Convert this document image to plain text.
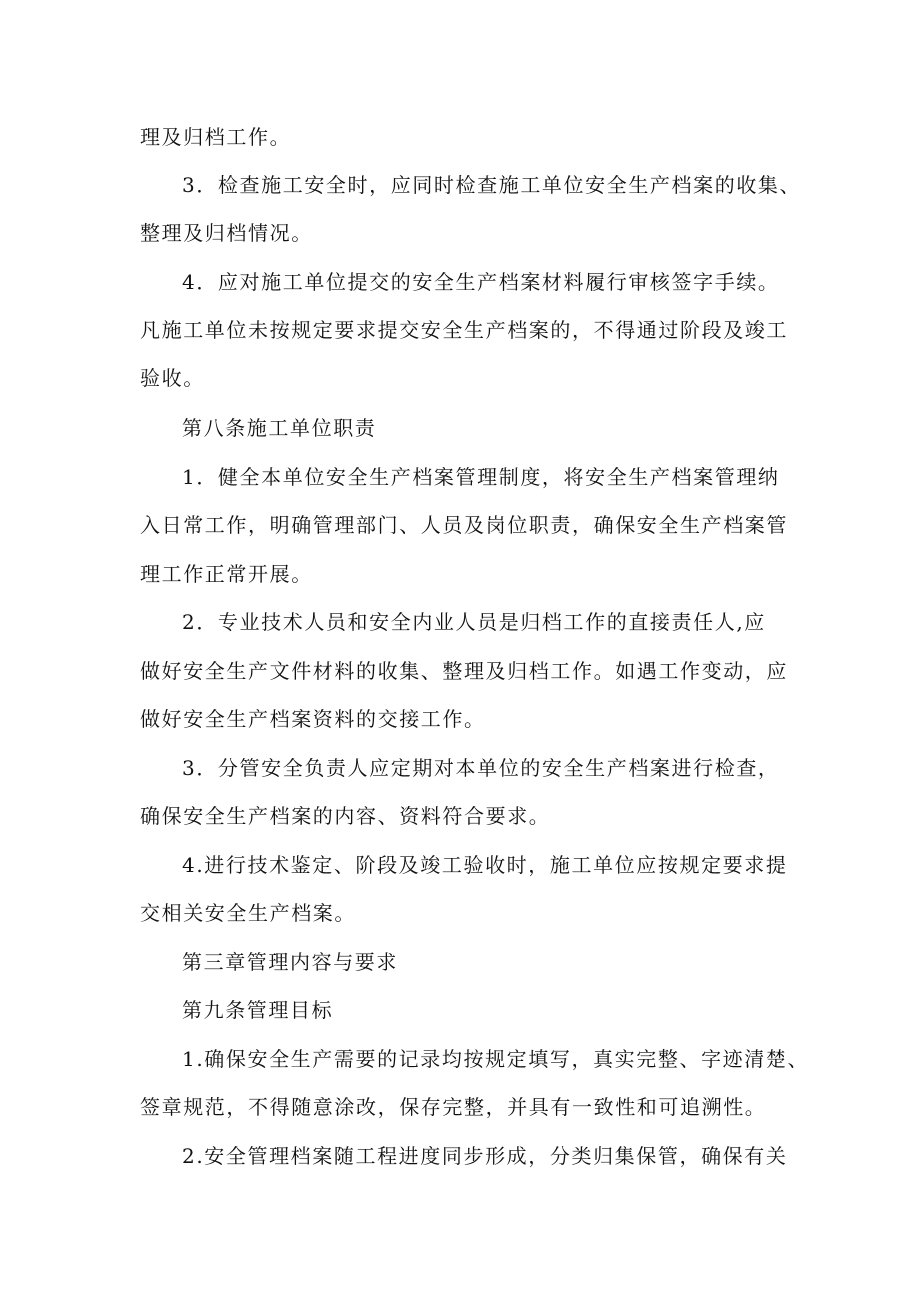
理及归档工作。
3．检查施工安全时，应同时检查施工单位安全生产档案的收集、
整理及归档情况。
4．应对施工单位提交的安全生产档案材料履行审核签字手续。
凡施工单位未按规定要求提交安全生产档案的，不得通过阶段及竣工
验收。
第八条施工单位职责
1．健全本单位安全生产档案管理制度，将安全生产档案管理纳
入日常工作，明确管理部门、人员及岗位职责，确保安全生产档案管
理工作正常开展。
2．专业技术人员和安全内业人员是归档工作的直接责任人,应
做好安全生产文件材料的收集、整理及归档工作。如遇工作变动，应
做好安全生产档案资料的交接工作。
3．分管安全负责人应定期对本单位的安全生产档案进行检查，
确保安全生产档案的内容、资料符合要求。
4.进行技术鉴定、阶段及竣工验收时，施工单位应按规定要求提
交相关安全生产档案。
第三章管理内容与要求
第九条管理目标
1.确保安全生产需要的记录均按规定填写，真实完整、字迹清楚、
签章规范，不得随意涂改，保存完整，并具有一致性和可追溯性。
2.安全管理档案随工程进度同步形成，分类归集保管，确保有关
